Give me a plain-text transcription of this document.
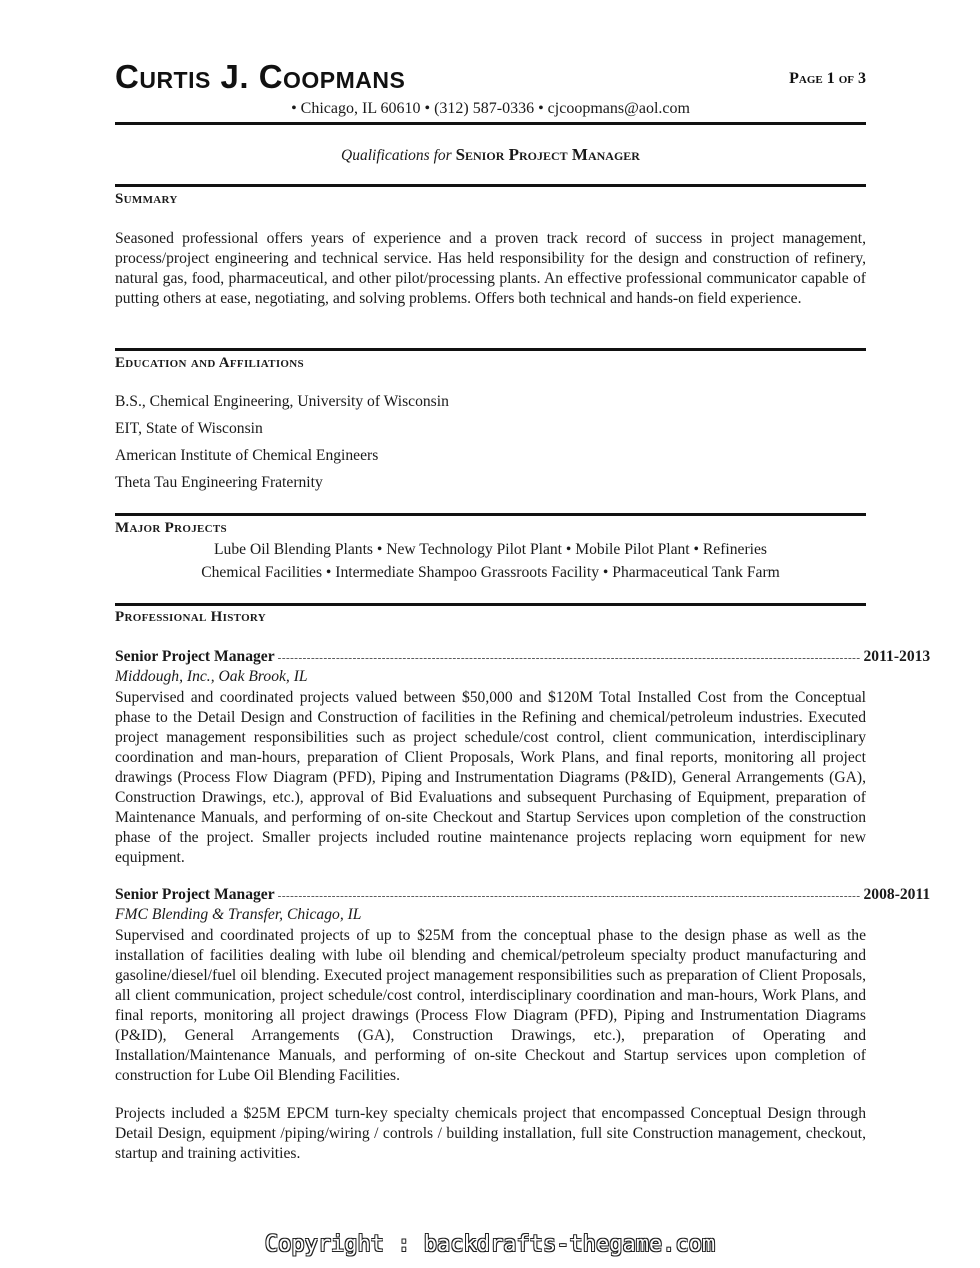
Curtis J. Coopmans	Page 1 of 3
• Chicago, IL 60610 • (312) 587-0336 • cjcoopmans@aol.com
Qualifications for Senior Project Manager
Summary
Seasoned professional offers years of experience and a proven track record of success in project management, process/project engineering and technical service. Has held responsibility for the design and construction of refinery, natural gas, food, pharmaceutical, and other pilot/processing plants. An effective professional communicator capable of putting others at ease, negotiating, and solving problems. Offers both technical and hands-on field experience.
Education and Affiliations
B.S., Chemical Engineering, University of Wisconsin
EIT, State of Wisconsin
American Institute of Chemical Engineers
Theta Tau Engineering Fraternity
Major Projects
Lube Oil Blending Plants • New Technology Pilot Plant • Mobile Pilot Plant • Refineries
Chemical Facilities • Intermediate Shampoo Grassroots Facility • Pharmaceutical Tank Farm
Professional History
Senior Project Manager -------------------------------------------------------------------------------------------------------------------------------------------- 2011-2013
Middough, Inc., Oak Brook, IL
Supervised and coordinated projects valued between $50,000 and $120M Total Installed Cost from the Conceptual phase to the Detail Design and Construction of facilities in the Refining and chemical/petroleum industries. Executed project management responsibilities such as project schedule/cost control, client communication, interdisciplinary coordination and man-hours, preparation of Client Proposals, Work Plans, and final reports, monitoring all project drawings (Process Flow Diagram (PFD), Piping and Instrumentation Diagrams (P&ID), General Arrangements (GA), Construction Drawings, etc.), approval of Bid Evaluations and subsequent Purchasing of Equipment, preparation of Maintenance Manuals, and performing of on-site Checkout and Startup Services upon completion of the construction phase of the project. Smaller projects included routine maintenance projects replacing worn equipment for new equipment.
Senior Project Manager -------------------------------------------------------------------------------------------------------------------------------------------- 2008-2011
FMC Blending & Transfer, Chicago, IL
Supervised and coordinated projects of up to $25M from the conceptual phase to the design phase as well as the installation of facilities dealing with lube oil blending and chemical/petroleum specialty product manufacturing and gasoline/diesel/fuel oil blending. Executed project management responsibilities such as preparation of Client Proposals, all client communication, project schedule/cost control, interdisciplinary coordination and man-hours, Work Plans, and final reports, monitoring all project drawings (Process Flow Diagram (PFD), Piping and Instrumentation Diagrams (P&ID), General Arrangements (GA), Construction Drawings, etc.), preparation of Operating and Installation/Maintenance Manuals, and performing of on-site Checkout and Startup services upon completion of construction for Lube Oil Blending Facilities.
Projects included a $25M EPCM turn-key specialty chemicals project that encompassed Conceptual Design through Detail Design, equipment /piping/wiring / controls / building installation, full site Construction management, checkout, startup and training activities.
Copyright : backdrafts-thegame.com
